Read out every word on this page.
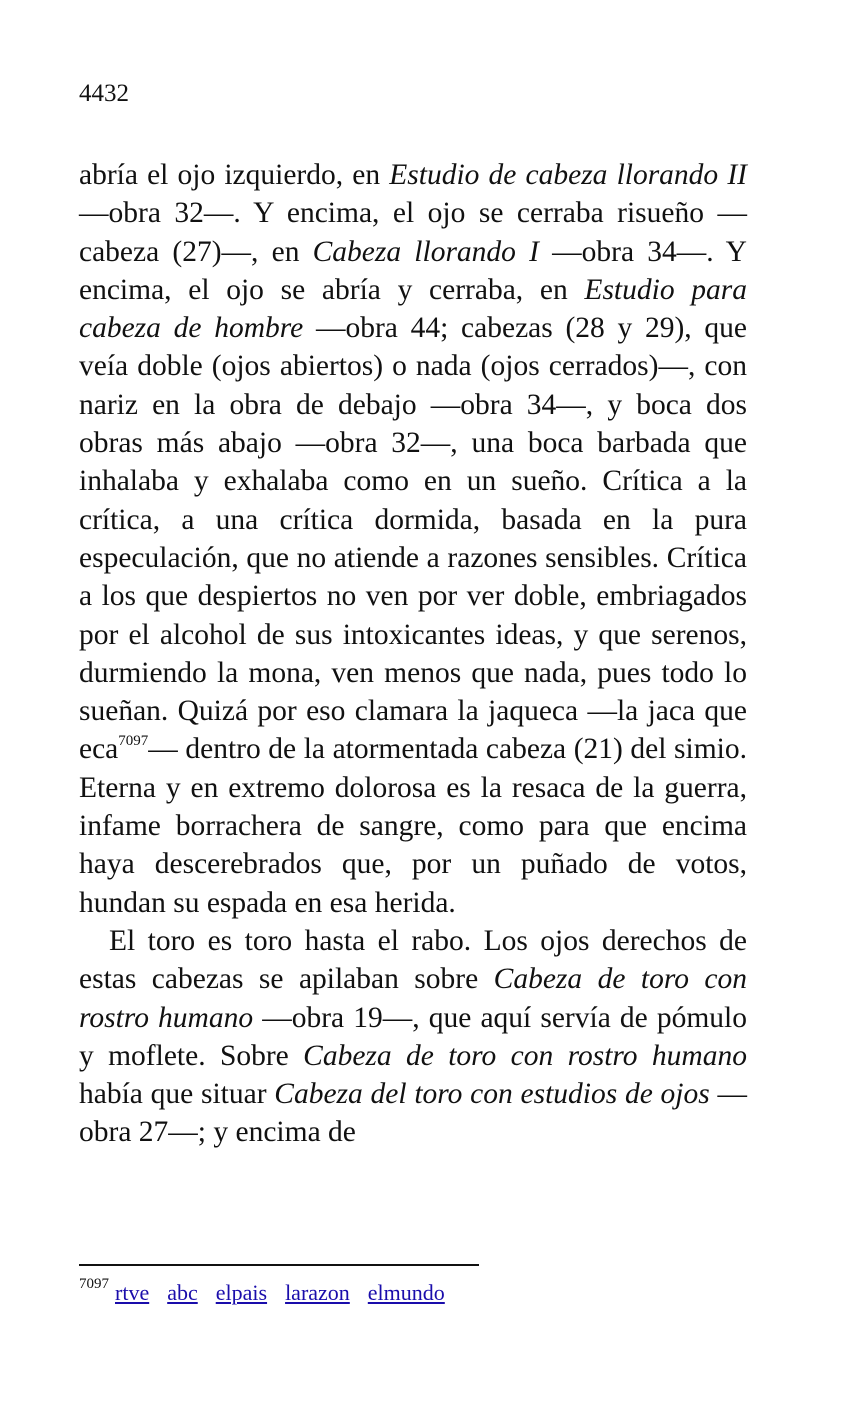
4432

abría el ojo izquierdo, en Estudio de cabeza llorando II —obra 32—. Y encima, el ojo se cerraba risueño —cabeza (27)—, en Cabeza llorando I —obra 34—. Y encima, el ojo se abría y cerraba, en Estudio para cabeza de hombre —obra 44; cabezas (28 y 29), que veía doble (ojos abiertos) o nada (ojos cerrados)—, con nariz en la obra de debajo —obra 34—, y boca dos obras más abajo —obra 32—, una boca barbada que inhalaba y exhalaba como en un sueño. Crítica a la crítica, a una crítica dormida, basada en la pura especulación, que no atiende a razones sensibles. Crítica a los que despiertos no ven por ver doble, embriagados por el alcohol de sus intoxicantes ideas, y que serenos, durmiendo la mona, ven menos que nada, pues todo lo sueñan. Quizá por eso clamara la jaqueca —la jaca que eca$^{7097}$— dentro de la atormentada cabeza (21) del simio. Eterna y en extremo dolorosa es la resaca de la guerra, infame borrachera de sangre, como para que encima haya descerebrados que, por un puñado de votos, hundan su espada en esa herida.

El toro es toro hasta el rabo. Los ojos derechos de estas cabezas se apilaban sobre Cabeza de toro con rostro humano —obra 19—, que aquí servía de pómulo y moflete. Sobre Cabeza de toro con rostro humano había que situar Cabeza del toro con estudios de ojos —obra 27—; y encima de

$^{7097}$ rtve abc elpais larazon elmundo
